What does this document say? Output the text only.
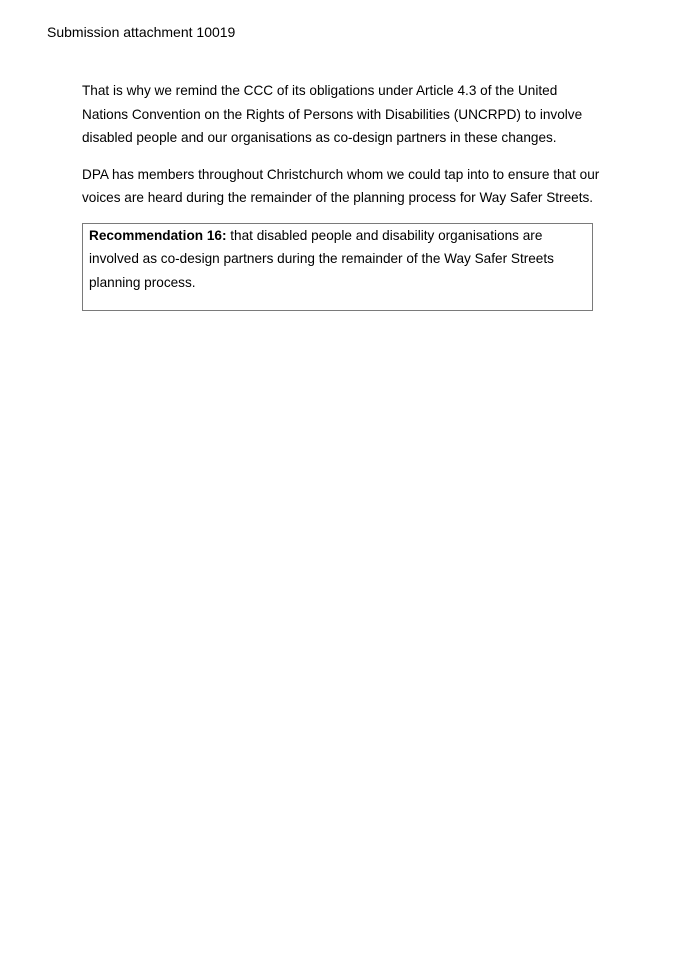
Submission attachment 10019

That is why we remind the CCC of its obligations under Article 4.3 of the United Nations Convention on the Rights of Persons with Disabilities (UNCRPD) to involve disabled people and our organisations as co-design partners in these changes.

DPA has members throughout Christchurch whom we could tap into to ensure that our voices are heard during the remainder of the planning process for Way Safer Streets.

Recommendation 16: that disabled people and disability organisations are involved as co-design partners during the remainder of the Way Safer Streets planning process.
